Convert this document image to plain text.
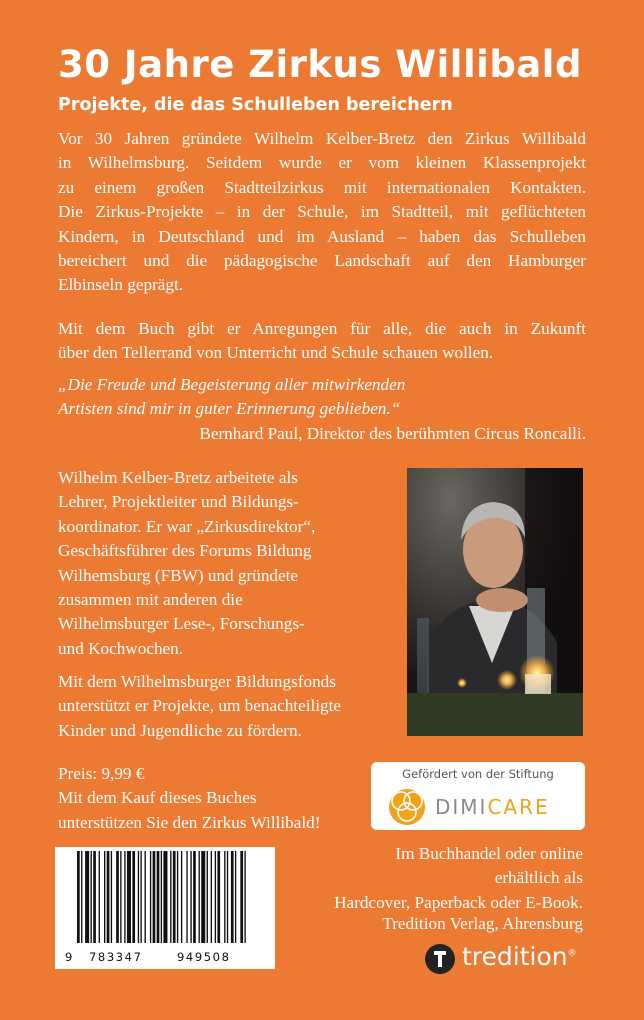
30 Jahre Zirkus Willibald
Projekte, die das Schulleben bereichern
Vor 30 Jahren gründete Wilhelm Kelber-Bretz den Zirkus Willibald
in Wilhelmsburg. Seitdem wurde er vom kleinen Klassenprojekt
zu einem großen Stadtteilzirkus mit internationalen Kontakten.
Die Zirkus-Projekte – in der Schule, im Stadtteil, mit geflüchteten
Kindern, in Deutschland und im Ausland – haben das Schulleben
bereichert und die pädagogische Landschaft auf den Hamburger
Elbinseln geprägt.
Mit dem Buch gibt er Anregungen für alle, die auch in Zukunft
über den Tellerrand von Unterricht und Schule schauen wollen.
„Die Freude und Begeisterung aller mitwirkenden
Artisten sind mir in guter Erinnerung geblieben.“
Bernhard Paul, Direktor des berühmten Circus Roncalli.
Wilhelm Kelber-Bretz arbeitete als
Lehrer, Projektleiter und Bildungs-
koordinator. Er war „Zirkusdirektor“,
Geschäftsführer des Forums Bildung
Wilhemsburg (FBW) und gründete
zusammen mit anderen die
Wilhelmsburger Lese-, Forschungs-
und Kochwochen.
Mit dem Wilhelmsburger Bildungsfonds
unterstützt er Projekte, um benachteiligte
Kinder und Jugendliche zu fördern.
Preis: 9,99 €
Mit dem Kauf dieses Buches
unterstützen Sie den Zirkus Willibald!
Gefördert von der Stiftung
DIMICARE
9 783347	949508
Im Buchhandel oder online
erhältlich als
Hardcover, Paperback oder E-Book.
Tredition Verlag, Ahrensburg
tredition®
